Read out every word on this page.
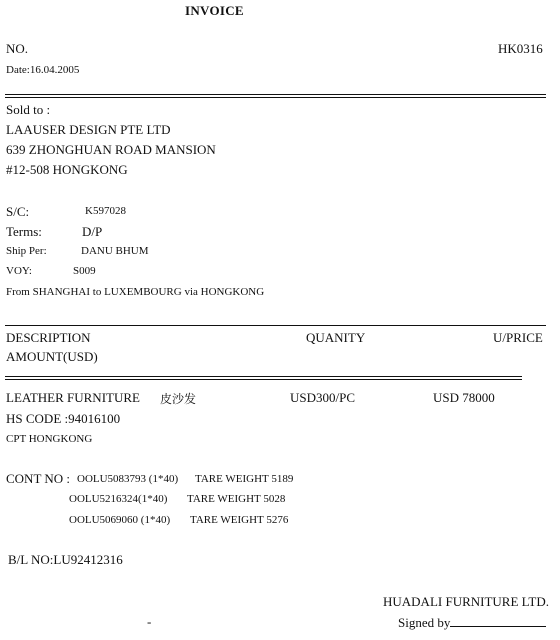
INVOICE
NO.	HK0316
Date:16.04.2005
Sold to :
LAAUSER DESIGN PTE LTD
639 ZHONGHUAN ROAD MANSION
#12-508 HONGKONG
S/C:	K597028
Terms:	D/P
Ship Per:	DANU BHUM
VOY:	S009
From SHANGHAI to LUXEMBOURG via HONGKONG
DESCRIPTION	QUANITY	U/PRICE
AMOUNT(USD)
LEATHER FURNITURE 皮沙发	USD300/PC	USD 78000
HS CODE :94016100
CPT HONGKONG
CONT NO : OOLU5083793 (1*40) TARE WEIGHT 5189
OOLU5216324(1*40) TARE WEIGHT 5028
OOLU5069060 (1*40) TARE WEIGHT 5276
B/L NO:LU92412316
HUADALI FURNITURE LTD.
-	Signed by
